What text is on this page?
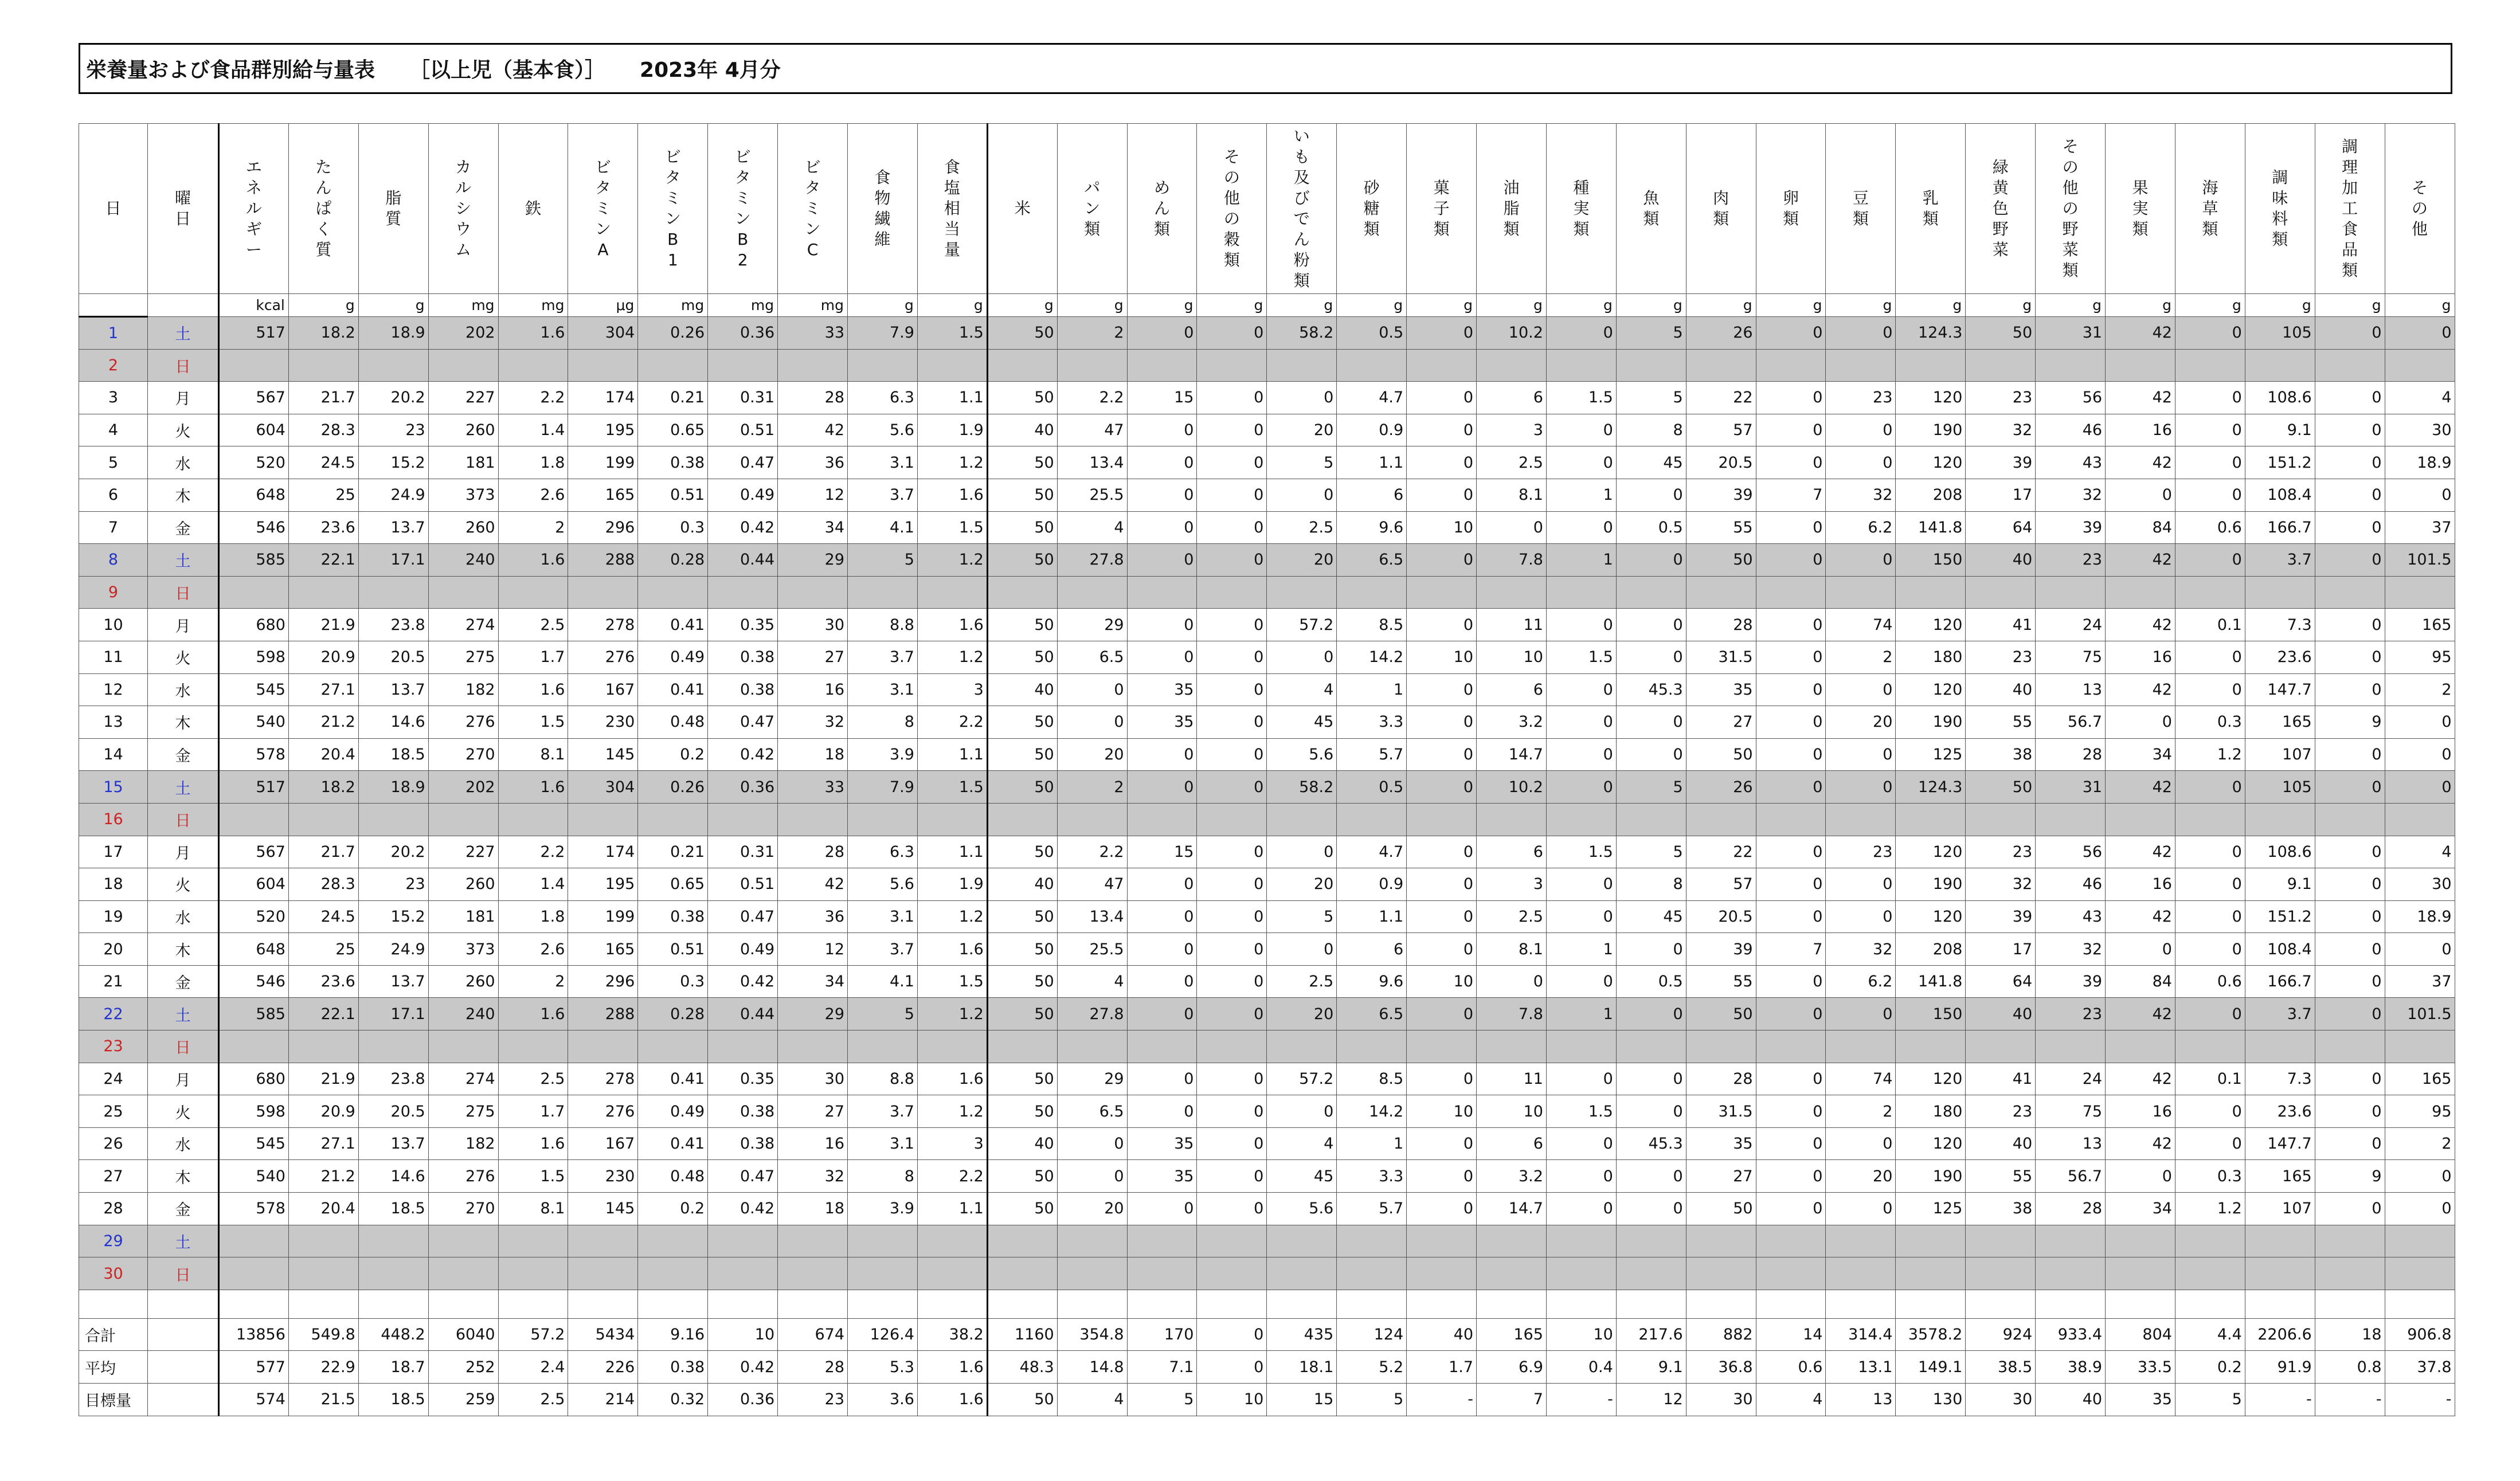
栄養量および食品群別給与量表 ［以上児（基本食）］ 2023年 4月分
日	曜日	エネルギー	たんぱく質	脂質	カルシウム	鉄	ビタミンA	ビタミンB1	ビタミンB2	ビタミンC	食物繊維	食塩相当量	米	パン類	めん類	その他の穀類	いも及びでん粉類	砂糖類	菓子類	油脂類	種実類	魚類	肉類	卵類	豆類	乳類	緑黄色野菜	その他の野菜類	果実類	海草類	調味料類	調理加工食品類	その他
		kcal	g	g	mg	mg	μg	mg	mg	mg	g	g	g	g	g	g	g	g	g	g	g	g	g	g	g	g	g	g	g	g	g	g	g
1	土	517	18.2	18.9	202	1.6	304	0.26	0.36	33	7.9	1.5	50	2	0	0	58.2	0.5	0	10.2	0	5	26	0	0	124.3	50	31	42	0	105	0	0
2	日																																
3	月	567	21.7	20.2	227	2.2	174	0.21	0.31	28	6.3	1.1	50	2.2	15	0	0	4.7	0	6	1.5	5	22	0	23	120	23	56	42	0	108.6	0	4
4	火	604	28.3	23	260	1.4	195	0.65	0.51	42	5.6	1.9	40	47	0	0	20	0.9	0	3	0	8	57	0	0	190	32	46	16	0	9.1	0	30
5	水	520	24.5	15.2	181	1.8	199	0.38	0.47	36	3.1	1.2	50	13.4	0	0	5	1.1	0	2.5	0	45	20.5	0	0	120	39	43	42	0	151.2	0	18.9
6	木	648	25	24.9	373	2.6	165	0.51	0.49	12	3.7	1.6	50	25.5	0	0	0	6	0	8.1	1	0	39	7	32	208	17	32	0	0	108.4	0	0
7	金	546	23.6	13.7	260	2	296	0.3	0.42	34	4.1	1.5	50	4	0	0	2.5	9.6	10	0	0	0.5	55	0	6.2	141.8	64	39	84	0.6	166.7	0	37
8	土	585	22.1	17.1	240	1.6	288	0.28	0.44	29	5	1.2	50	27.8	0	0	20	6.5	0	7.8	1	0	50	0	0	150	40	23	42	0	3.7	0	101.5
9	日																																
10	月	680	21.9	23.8	274	2.5	278	0.41	0.35	30	8.8	1.6	50	29	0	0	57.2	8.5	0	11	0	0	28	0	74	120	41	24	42	0.1	7.3	0	165
11	火	598	20.9	20.5	275	1.7	276	0.49	0.38	27	3.7	1.2	50	6.5	0	0	0	14.2	10	10	1.5	0	31.5	0	2	180	23	75	16	0	23.6	0	95
12	水	545	27.1	13.7	182	1.6	167	0.41	0.38	16	3.1	3	40	0	35	0	4	1	0	6	0	45.3	35	0	0	120	40	13	42	0	147.7	0	2
13	木	540	21.2	14.6	276	1.5	230	0.48	0.47	32	8	2.2	50	0	35	0	45	3.3	0	3.2	0	0	27	0	20	190	55	56.7	0	0.3	165	9	0
14	金	578	20.4	18.5	270	8.1	145	0.2	0.42	18	3.9	1.1	50	20	0	0	5.6	5.7	0	14.7	0	0	50	0	0	125	38	28	34	1.2	107	0	0
15	土	517	18.2	18.9	202	1.6	304	0.26	0.36	33	7.9	1.5	50	2	0	0	58.2	0.5	0	10.2	0	5	26	0	0	124.3	50	31	42	0	105	0	0
16	日																																
17	月	567	21.7	20.2	227	2.2	174	0.21	0.31	28	6.3	1.1	50	2.2	15	0	0	4.7	0	6	1.5	5	22	0	23	120	23	56	42	0	108.6	0	4
18	火	604	28.3	23	260	1.4	195	0.65	0.51	42	5.6	1.9	40	47	0	0	20	0.9	0	3	0	8	57	0	0	190	32	46	16	0	9.1	0	30
19	水	520	24.5	15.2	181	1.8	199	0.38	0.47	36	3.1	1.2	50	13.4	0	0	5	1.1	0	2.5	0	45	20.5	0	0	120	39	43	42	0	151.2	0	18.9
20	木	648	25	24.9	373	2.6	165	0.51	0.49	12	3.7	1.6	50	25.5	0	0	0	6	0	8.1	1	0	39	7	32	208	17	32	0	0	108.4	0	0
21	金	546	23.6	13.7	260	2	296	0.3	0.42	34	4.1	1.5	50	4	0	0	2.5	9.6	10	0	0	0.5	55	0	6.2	141.8	64	39	84	0.6	166.7	0	37
22	土	585	22.1	17.1	240	1.6	288	0.28	0.44	29	5	1.2	50	27.8	0	0	20	6.5	0	7.8	1	0	50	0	0	150	40	23	42	0	3.7	0	101.5
23	日																																
24	月	680	21.9	23.8	274	2.5	278	0.41	0.35	30	8.8	1.6	50	29	0	0	57.2	8.5	0	11	0	0	28	0	74	120	41	24	42	0.1	7.3	0	165
25	火	598	20.9	20.5	275	1.7	276	0.49	0.38	27	3.7	1.2	50	6.5	0	0	0	14.2	10	10	1.5	0	31.5	0	2	180	23	75	16	0	23.6	0	95
26	水	545	27.1	13.7	182	1.6	167	0.41	0.38	16	3.1	3	40	0	35	0	4	1	0	6	0	45.3	35	0	0	120	40	13	42	0	147.7	0	2
27	木	540	21.2	14.6	276	1.5	230	0.48	0.47	32	8	2.2	50	0	35	0	45	3.3	0	3.2	0	0	27	0	20	190	55	56.7	0	0.3	165	9	0
28	金	578	20.4	18.5	270	8.1	145	0.2	0.42	18	3.9	1.1	50	20	0	0	5.6	5.7	0	14.7	0	0	50	0	0	125	38	28	34	1.2	107	0	0
29	土																																
30	日																																

合計		13856	549.8	448.2	6040	57.2	5434	9.16	10	674	126.4	38.2	1160	354.8	170	0	435	124	40	165	10	217.6	882	14	314.4	3578.2	924	933.4	804	4.4	2206.6	18	906.8
平均		577	22.9	18.7	252	2.4	226	0.38	0.42	28	5.3	1.6	48.3	14.8	7.1	0	18.1	5.2	1.7	6.9	0.4	9.1	36.8	0.6	13.1	149.1	38.5	38.9	33.5	0.2	91.9	0.8	37.8
目標量		574	21.5	18.5	259	2.5	214	0.32	0.36	23	3.6	1.6	50	4	5	10	15	5	-	7	-	12	30	4	13	130	30	40	35	5	-	-	-
